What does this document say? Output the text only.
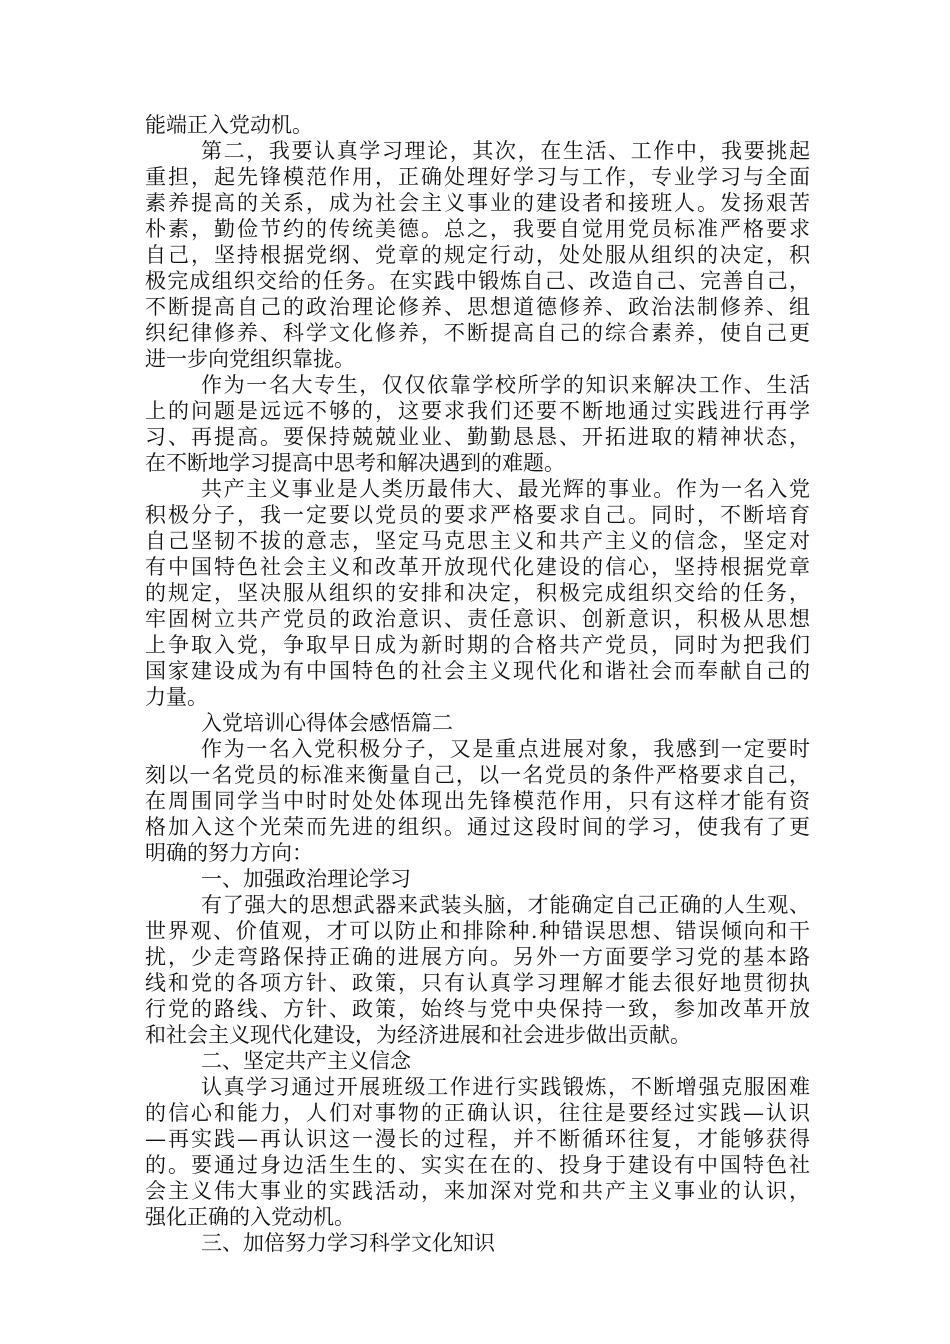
能端正入党动机。
第二，我要认真学习理论，其次，在生活、工作中，我要挑起
重担，起先锋模范作用，正确处理好学习与工作，专业学习与全面
素养提高的关系，成为社会主义事业的建设者和接班人。发扬艰苦
朴素，勤俭节约的传统美德。总之，我要自觉用党员标准严格要求
自己，坚持根据党纲、党章的规定行动，处处服从组织的决定，积
极完成组织交给的任务。在实践中锻炼自己、改造自己、完善自己，
不断提高自己的政治理论修养、思想道德修养、政治法制修养、组
织纪律修养、科学文化修养，不断提高自己的综合素养，使自己更
进一步向党组织靠拢。
作为一名大专生，仅仅依靠学校所学的知识来解决工作、生活
上的问题是远远不够的，这要求我们还要不断地通过实践进行再学
习、再提高。要保持兢兢业业、勤勤恳恳、开拓进取的精神状态，
在不断地学习提高中思考和解决遇到的难题。
共产主义事业是人类历最伟大、最光辉的事业。作为一名入党
积极分子，我一定要以党员的要求严格要求自己。同时，不断培育
自己坚韧不拔的意志，坚定马克思主义和共产主义的信念，坚定对
有中国特色社会主义和改革开放现代化建设的信心，坚持根据党章
的规定，坚决服从组织的安排和决定，积极完成组织交给的任务，
牢固树立共产党员的政治意识、责任意识、创新意识，积极从思想
上争取入党，争取早日成为新时期的合格共产党员，同时为把我们
国家建设成为有中国特色的社会主义现代化和谐社会而奉献自己的
力量。
入党培训心得体会感悟篇二
作为一名入党积极分子，又是重点进展对象，我感到一定要时
刻以一名党员的标准来衡量自己，以一名党员的条件严格要求自己，
在周围同学当中时时处处体现出先锋模范作用，只有这样才能有资
格加入这个光荣而先进的组织。通过这段时间的学习，使我有了更
明确的努力方向：
一、加强政治理论学习
有了强大的思想武器来武装头脑，才能确定自己正确的人生观、
世界观、价值观，才可以防止和排除种.种错误思想、错误倾向和干
扰，少走弯路保持正确的进展方向。另外一方面要学习党的基本路
线和党的各项方针、政策，只有认真学习理解才能去很好地贯彻执
行党的路线、方针、政策，始终与党中央保持一致，参加改革开放
和社会主义现代化建设，为经济进展和社会进步做出贡献。
二、坚定共产主义信念
认真学习通过开展班级工作进行实践锻炼，不断增强克服困难
的信心和能力，人们对事物的正确认识，往往是要经过实践—认识
—再实践—再认识这一漫长的过程，并不断循环往复，才能够获得
的。要通过身边活生生的、实实在在的、投身于建设有中国特色社
会主义伟大事业的实践活动，来加深对党和共产主义事业的认识，
强化正确的入党动机。
三、加倍努力学习科学文化知识
